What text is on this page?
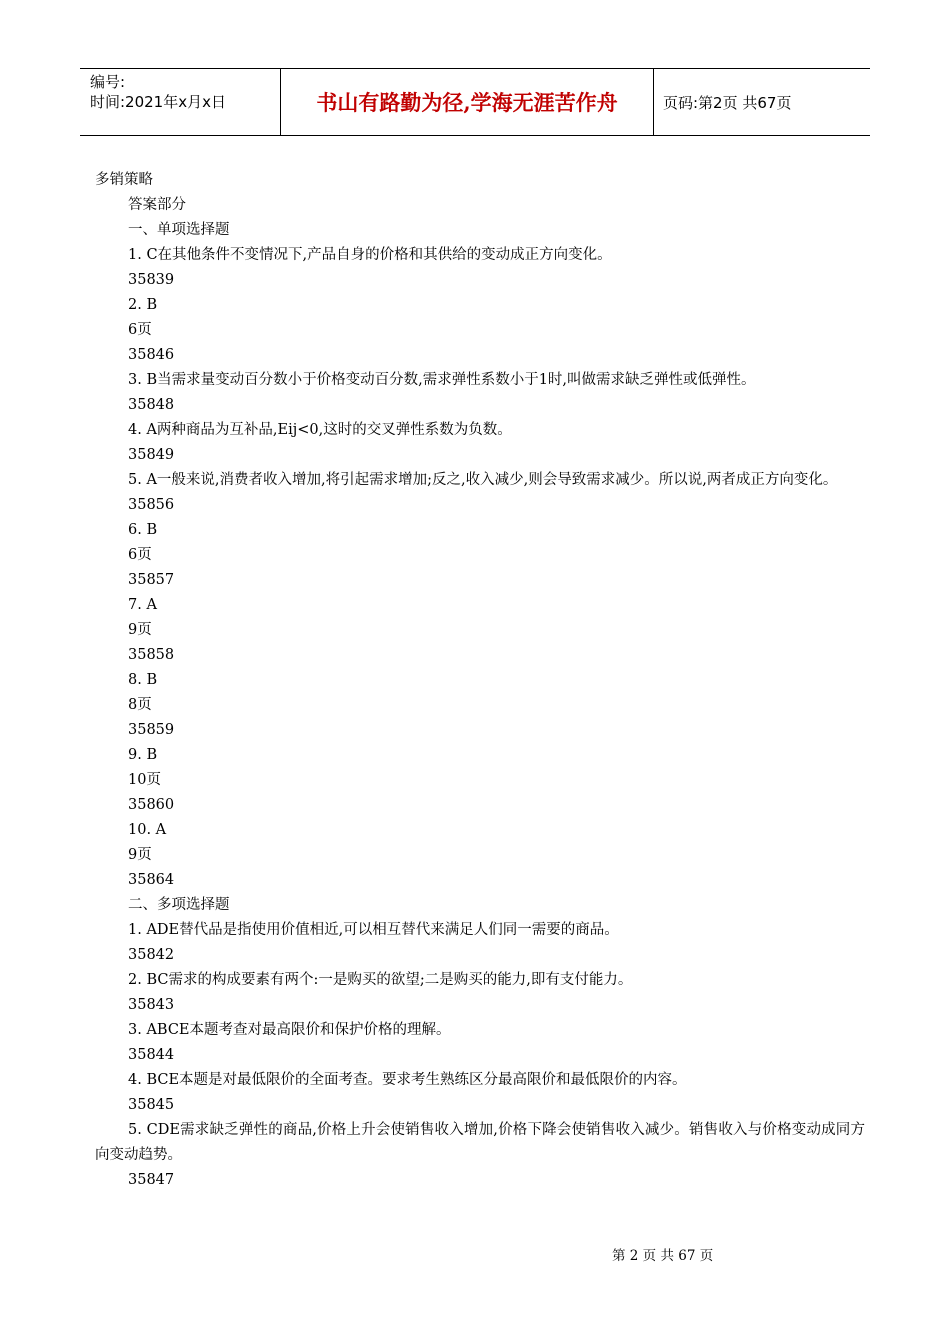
编号:
时间:2021年x月x日	书山有路勤为径,学海无涯苦作舟	页码:第2页 共67页
多销策略
答案部分
一、单项选择题
1. C在其他条件不变情况下,产品自身的价格和其供给的变动成正方向变化。
35839
2. B
6页
35846
3. B当需求量变动百分数小于价格变动百分数,需求弹性系数小于1时,叫做需求缺乏弹性或低弹性。
35848
4. A两种商品为互补品,Eij<0,这时的交叉弹性系数为负数。
35849
5. A一般来说,消费者收入增加,将引起需求增加;反之,收入减少,则会导致需求减少。所以说,两者成正方向变化。
35856
6. B
6页
35857
7. A
9页
35858
8. B
8页
35859
9. B
10页
35860
10. A
9页
35864
二、多项选择题
1. ADE替代品是指使用价值相近,可以相互替代来满足人们同一需要的商品。
35842
2. BC需求的构成要素有两个:一是购买的欲望;二是购买的能力,即有支付能力。
35843
3. ABCE本题考查对最高限价和保护价格的理解。
35844
4. BCE本题是对最低限价的全面考查。要求考生熟练区分最高限价和最低限价的内容。
35845
5. CDE需求缺乏弹性的商品,价格上升会使销售收入增加,价格下降会使销售收入减少。销售收入与价格变动成同方向变动趋势。
35847
第 2 页 共 67 页
